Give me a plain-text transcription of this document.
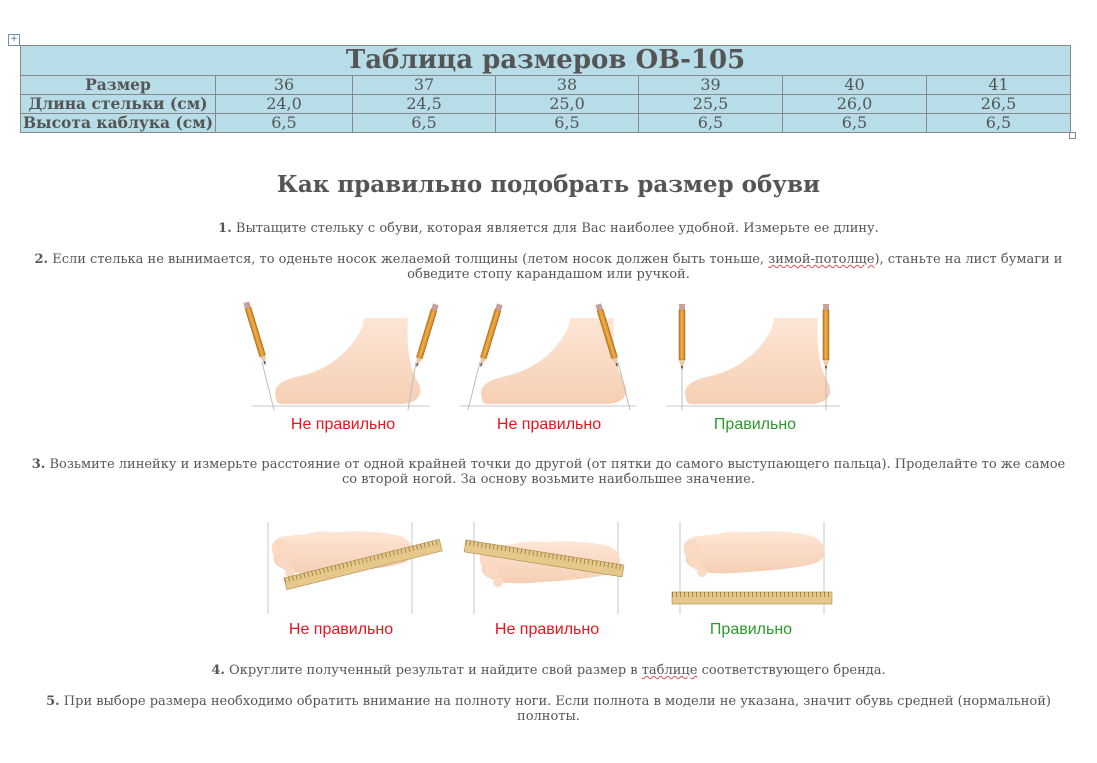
+
Таблица размеров ОВ-105						
Размер	36	37	38	39	40	41
Длина стельки (см)	24,0	24,5	25,0	25,5	26,0	26,5
Высота каблука (см)	6,5	6,5	6,5	6,5	6,5	6,5
Как правильно подобрать размер обуви

1. Вытащите стельку с обуви, которая является для Вас наиболее удобной. Измерьте ее длину.

2. Если стелька не вынимается, то оденьте носок желаемой толщины (летом носок должен быть тоньше, зимой-потолще), станьте на лист бумаги и обведите стопу карандашом или ручкой.

Не правильно	Не правильно	Правильно

3. Возьмите линейку и измерьте расстояние от одной крайней точки до другой (от пятки до самого выступающего пальца). Проделайте то же самое со второй ногой. За основу возьмите наибольшее значение.

Не правильно	Не правильно	Правильно

4. Округлите полученный результат и найдите свой размер в таблице соответствующего бренда.

5. При выборе размера необходимо обратить внимание на полноту ноги. Если полнота в модели не указана, значит обувь средней (нормальной) полноты.
